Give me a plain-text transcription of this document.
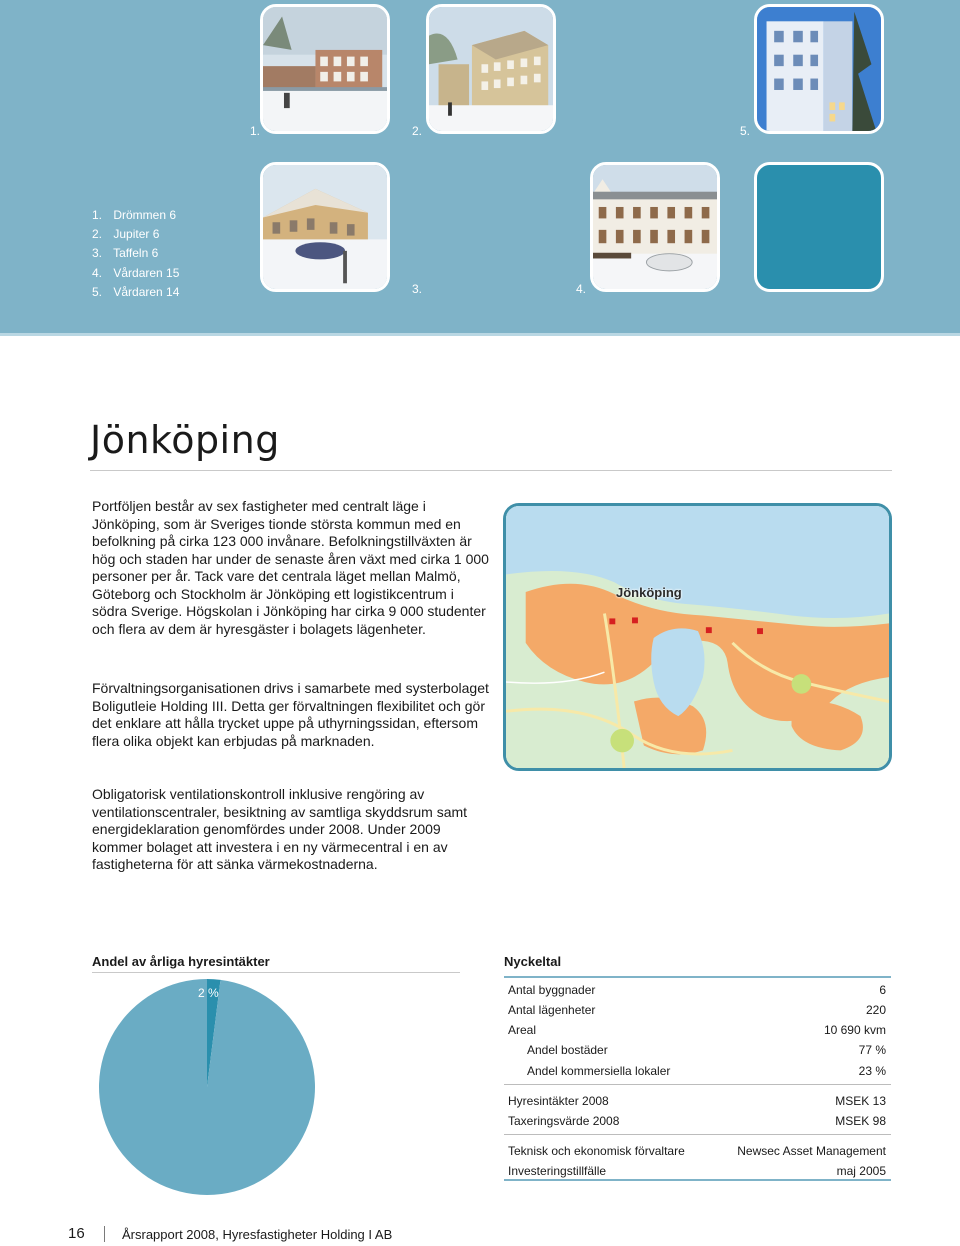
1.	2.	5.
3.	4.
1. Drömmen 6
2. Jupiter 6
3. Taffeln 6
4. Vårdaren 15
5. Vårdaren 14
Jönköping

Portföljen består av sex fastigheter med centralt läge i Jönköping, som är Sveriges tionde största kommun med en befolkning på cirka 123 000 invånare. Befolkningstillväxten är hög och staden har under de senaste åren växt med cirka 1 000 personer per år. Tack vare det centrala läget mellan Malmö, Göteborg och Stockholm är Jönköping ett logistikcentrum i södra Sverige. Högskolan i Jönköping har cirka 9 000 studenter och flera av dem är hyresgäster i bolagets lägenheter.

Förvaltningsorganisationen drivs i samarbete med systerbolaget Boligutleie Holding III. Detta ger förvaltningen flexibilitet och gör det enklare att hålla trycket uppe på uthyrningssidan, eftersom flera olika objekt kan erbjudas på marknaden.

Obligatorisk ventilationskontroll inklusive rengöring av ventilationscentraler, besiktning av samtliga skyddsrum samt energideklaration genomfördes under 2008. Under 2009 kommer bolaget att investera i en ny värmecentral i en av fastigheterna för att sänka värmekostnaderna.

Jönköping
Andel av årliga hyresintäkter
2 %
Nyckeltal
Antal byggnader	6
Antal lägenheter	220
Areal	10 690 kvm
Andel bostäder	77 %
Andel kommersiella lokaler	23 %
Hyresintäkter 2008	MSEK 13
Taxeringsvärde 2008	MSEK 98
Teknisk och ekonomisk förvaltare	Newsec Asset Management
Investeringstillfälle	maj 2005
16	Årsrapport 2008, Hyresfastigheter Holding I AB
